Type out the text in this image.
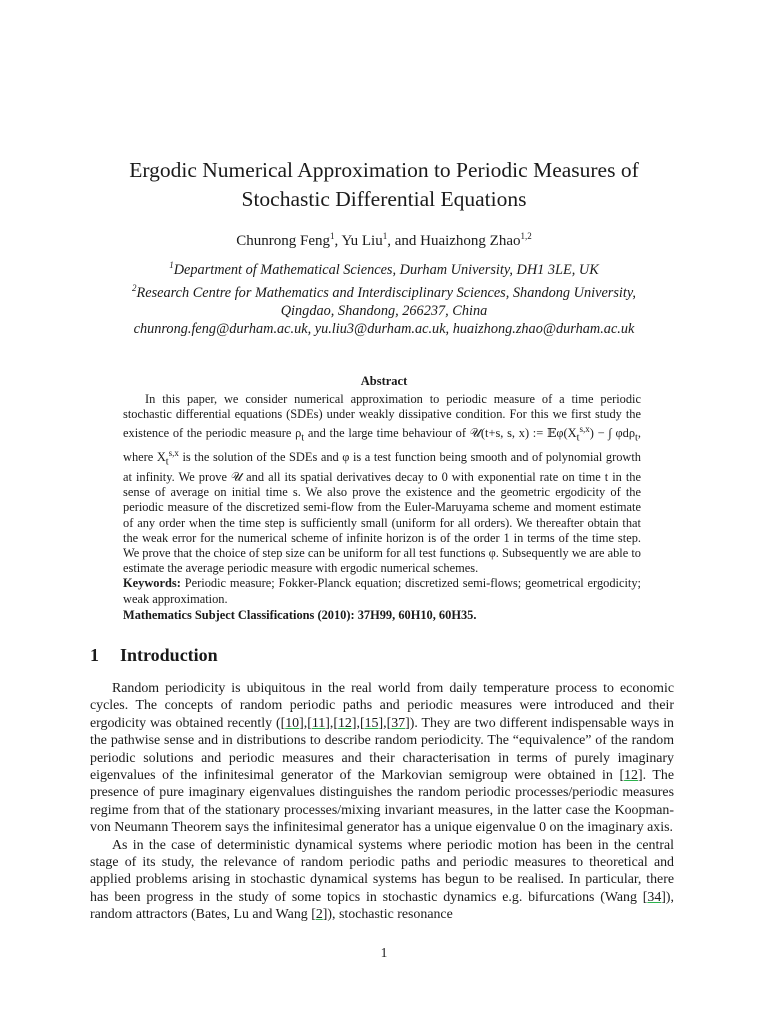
Ergodic Numerical Approximation to Periodic Measures of
Stochastic Differential Equations
Chunrong Feng$^1$, Yu Liu$^1$, and Huaizhong Zhao$^{1,2}$
$^1$Department of Mathematical Sciences, Durham University, DH1 3LE, UK
$^2$Research Centre for Mathematics and Interdisciplinary Sciences, Shandong University,
Qingdao, Shandong, 266237, China
chunrong.feng@durham.ac.uk, yu.liu3@durham.ac.uk, huaizhong.zhao@durham.ac.uk
Abstract

In this paper, we consider numerical approximation to periodic measure of a time periodic stochastic differential equations (SDEs) under weakly dissipative condition. For this we first study the existence of the periodic measure $\rho_t$ and the large time behaviour of 𝒰(t+s, s, x) := $𝔼\varphi(X_t^{s,x})$ − ∫ φdρ$_t$, where $X_t^{s,x}$ is the solution of the SDEs and φ is a test function being smooth and of polynomial growth at infinity. We prove 𝒰 and all its spatial derivatives decay to 0 with exponential rate on time t in the sense of average on initial time s. We also prove the existence and the geometric ergodicity of the periodic measure of the discretized semi-flow from the Euler-Maruyama scheme and moment estimate of any order when the time step is sufficiently small (uniform for all orders). We thereafter obtain that the weak error for the numerical scheme of infinite horizon is of the order 1 in terms of the time step. We prove that the choice of step size can be uniform for all test functions φ. Subsequently we are able to estimate the average periodic measure with ergodic numerical schemes.

Keywords: Periodic measure; Fokker-Planck equation; discretized semi-flows; geometrical ergodicity; weak approximation.
Mathematics Subject Classifications (2010): 37H99, 60H10, 60H35.
1 Introduction

Random periodicity is ubiquitous in the real world from daily temperature process to economic cycles. The concepts of random periodic paths and periodic measures were introduced and their ergodicity was obtained recently ([10],[11],[12],[15],[37]). They are two different indispensable ways in the pathwise sense and in distributions to describe random periodicity. The “equivalence” of the random periodic solutions and periodic measures and their characterisation in terms of purely imaginary eigenvalues of the infinitesimal generator of the Markovian semigroup were obtained in [12]. The presence of pure imaginary eigenvalues distinguishes the random periodic processes/periodic measures regime from that of the stationary processes/mixing invariant measures, in the latter case the Koopman-von Neumann Theorem says the infinitesimal generator has a unique eigenvalue 0 on the imaginary axis.

As in the case of deterministic dynamical systems where periodic motion has been in the central stage of its study, the relevance of random periodic paths and periodic measures to theoretical and applied problems arising in stochastic dynamical systems has begun to be realised. In particular, there has been progress in the study of some topics in stochastic dynamics e.g. bifurcations (Wang [34]), random attractors (Bates, Lu and Wang [2]), stochastic resonance

1
